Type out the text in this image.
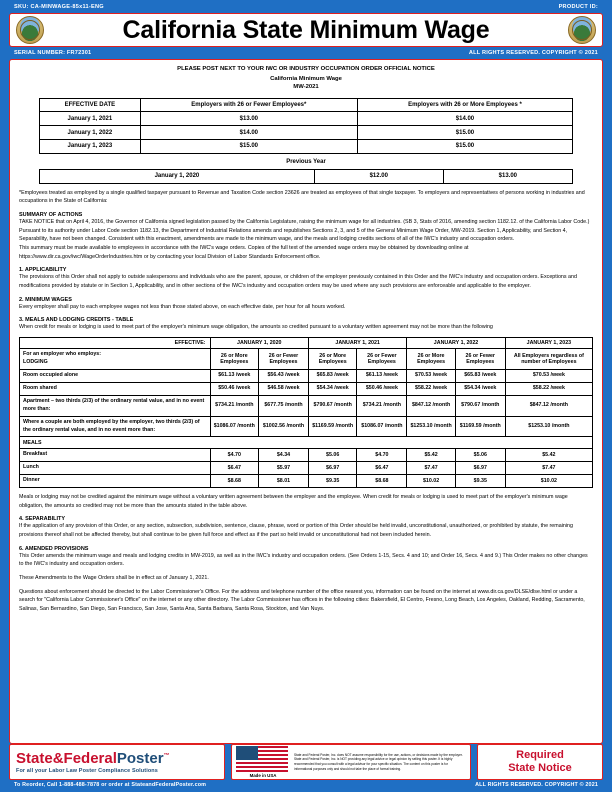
SKU: CA-MINWAGE-85x11-ENG	PRODUCT ID:
California State Minimum Wage
SERIAL NUMBER: FR72301	ALL RIGHTS RESERVED. COPYRIGHT © 2021
PLEASE POST NEXT TO YOUR IWC OR INDUSTRY OCCUPATION ORDER OFFICIAL NOTICE
California Minimum Wage
MW-2021
EFFECTIVE DATE	Employers with 26 or Fewer Employees*	Employers with 26 or More Employees *
January 1, 2021	$13.00	$14.00
January 1, 2022	$14.00	$15.00
January 1, 2023	$15.00	$15.00
Previous Year
January 1, 2020	$12.00	$13.00

*Employees treated as employed by a single qualified taxpayer pursuant to Revenue and Taxation Code section 23626 are treated as employees of that single taxpayer. To employers and representatives of persons working in industries and occupations in the State of California:

SUMMARY OF ACTIONS

TAKE NOTICE that on April 4, 2016, the Governor of California signed legislation passed by the California Legislature, raising the minimum wage for all industries. (SB 3, Stats of 2016, amending section 1182.12. of the California Labor Code.) Pursuant to its authority under Labor Code section 1182.13, the Department of Industrial Relations amends and republishes Sections 2, 3, and 5 of the General Minimum Wage Order, MW-2019. Section 1, Applicability, and Section 4, Separability, have not been changed. Consistent with this enactment, amendments are made to the minimum wage, and the meals and lodging credits sections of all of the IWC's industry and occupation orders.

This summary must be made available to employees in accordance with the IWC's wage orders. Copies of the full text of the amended wage orders may be obtained by downloading online at https://www.dir.ca.gov/iwc/WageOrderIndustries.htm or by contacting your local Division of Labor Standards Enforcement office.

1. APPLICABILITY

The provisions of this Order shall not apply to outside salespersons and individuals who are the parent, spouse, or children of the employer previously contained in this Order and the IWC's industry and occupation orders. Exceptions and modifications provided by statute or in Section 1, Applicability, and in other sections of the IWC's industry and occupation orders may be used where any such provisions are enforceable and applicable to the employer.

2. MINIMUM WAGES

Every employer shall pay to each employee wages not less than those stated above, on each effective date, per hour for all hours worked.

3. MEALS AND LODGING CREDITS - TABLE

When credit for meals or lodging is used to meet part of the employer's minimum wage obligation, the amounts so credited pursuant to a voluntary written agreement may not be more than the following

EFFECTIVE:	JANUARY 1, 2020		JANUARY 1, 2021		JANUARY 1, 2022		JANUARY 1, 2023
For an employer who employs:
LODGING	26 or More Employees	26 or Fewer Employees	26 or More Employees	26 or Fewer Employees	26 or More Employees	26 or Fewer Employees	All Employers regardless of number of Employees
Room occupied alone	$61.13 /week	$56.43 /week	$65.83 /week	$61.13 /week	$70.53 /week	$65.83 /week	$70.53 /week
Room shared	$50.46 /week	$46.58 /week	$54.34 /week	$50.46 /week	$58.22 /week	$54.34 /week	$58.22 /week
Apartment – two thirds (2/3) of the ordinary rental value, and in no event more than:	$734.21 /month	$677.75 /month	$790.67 /month	$734.21 /month	$847.12 /month	$790.67 /month	$847.12 /month
Where a couple are both employed by the employer, two thirds (2/3) of the ordinary rental value, and in no event more than:	$1086.07 /month	$1002.56 /month	$1169.59 /month	$1086.07 /month	$1253.10 /month	$1169.59 /month	$1253.10 /month
MEALS							
Breakfast	$4.70	$4.34	$5.06	$4.70	$5.42	$5.06	$5.42
Lunch	$6.47	$5.97	$6.97	$6.47	$7.47	$6.97	$7.47
Dinner	$8.68	$8.01	$9.35	$8.68	$10.02	$9.35	$10.02

Meals or lodging may not be credited against the minimum wage without a voluntary written agreement between the employer and the employee. When credit for meals or lodging is used to meet part of the employer's minimum wage obligation, the amounts so credited may not be more than the amounts stated in the table above.

4. SEPARABILITY

If the application of any provision of this Order, or any section, subsection, subdivision, sentence, clause, phrase, word or portion of this Order should be held invalid, unconstitutional, unauthorized, or prohibited by statute, the remaining provisions thereof shall not be affected thereby, but shall continue to be given full force and effect as if the part so held invalid or unconstitutional had not been included herein.

6. AMENDED PROVISIONS

This Order amends the minimum wage and meals and lodging credits in MW-2019, as well as in the IWC's industry and occupation orders. (See Orders 1-15, Secs. 4 and 10; and Order 16, Secs. 4 and 9.) This Order makes no other changes to the IWC's industry and occupation orders.

These Amendments to the Wage Orders shall be in effect as of January 1, 2021.

Questions about enforcement should be directed to the Labor Commissioner's Office. For the address and telephone number of the office nearest you, information can be found on the internet at www.dir.ca.gov/DLSE/dlse.html or under a search for "California Labor Commissioner's Office" on the internet or any other directory. The Labor Commissioner has offices in the following cities: Bakersfield, El Centro, Fresno, Long Beach, Los Angeles, Oakland, Redding, Sacramento, Salinas, San Bernardino, San Diego, San Francisco, San Jose, Santa Ana, Santa Barbara, Santa Rosa, Stockton, and Van Nuys.

State&FederalPoster™
For all your Labor Law Poster Compliance Solutions
Made in USA
State and Federal Poster, Inc. does NOT assume responsibility for the use, actions, or decisions made by the employer. State and Federal Poster, Inc. is NOT providing any legal advice or legal opinion by selling this poster. It is highly recommended that you consult with a legal advisor for your specific situation. The content on this poster is for informational purposes only and should not take the place of formal training.
Required
State Notice
To Reorder, Call 1-888-488-7878 or order at StateandFederalPoster.com	ALL RIGHTS RESERVED. COPYRIGHT © 2021
